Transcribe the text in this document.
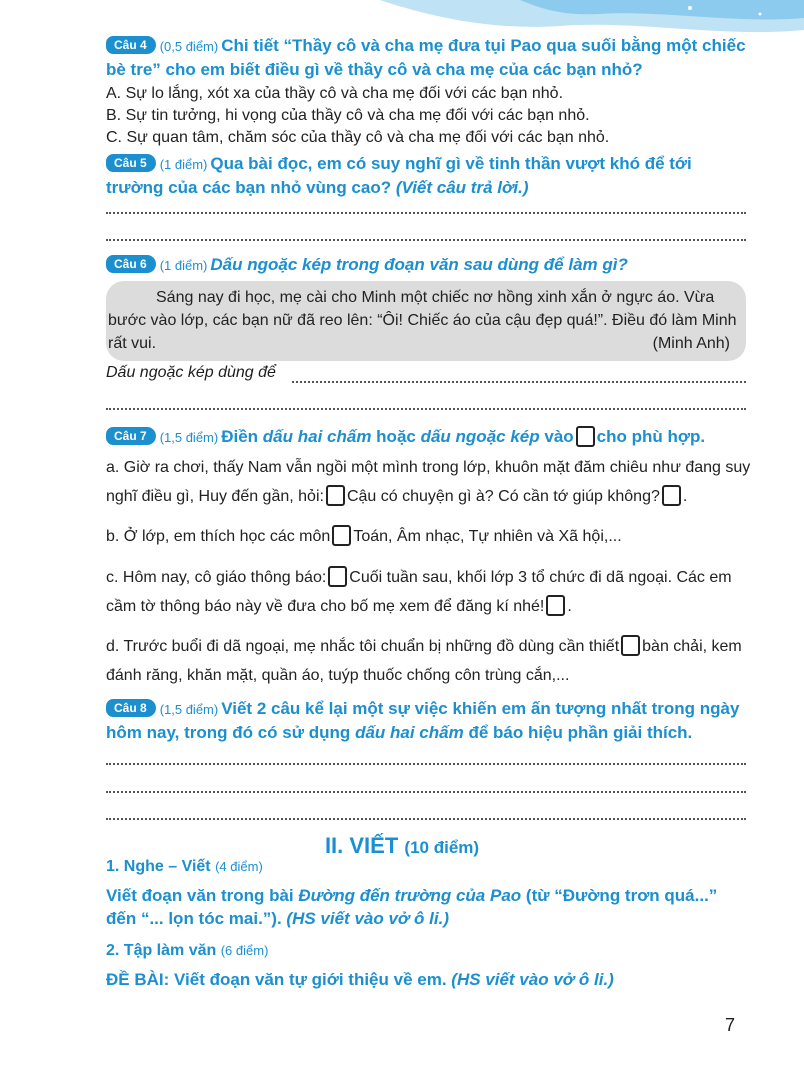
Câu 4 (0,5 điểm) Chi tiết “Thầy cô và cha mẹ đưa tụi Pao qua suối bằng một chiếc bè tre” cho em biết điều gì về thầy cô và cha mẹ của các bạn nhỏ?
A. Sự lo lắng, xót xa của thầy cô và cha mẹ đối với các bạn nhỏ.
B. Sự tin tưởng, hi vọng của thầy cô và cha mẹ đối với các bạn nhỏ.
C. Sự quan tâm, chăm sóc của thầy cô và cha mẹ đối với các bạn nhỏ.
Câu 5 (1 điểm) Qua bài đọc, em có suy nghĩ gì về tinh thần vượt khó để tới trường của các bạn nhỏ vùng cao? (Viết câu trả lời.)
Câu 6 (1 điểm) Dấu ngoặc kép trong đoạn văn sau dùng để làm gì?
Sáng nay đi học, mẹ cài cho Minh một chiếc nơ hồng xinh xắn ở ngực áo. Vừa bước vào lớp, các bạn nữ đã reo lên: “Ôi! Chiếc áo của cậu đẹp quá!”. Điều đó làm Minh rất vui.	(Minh Anh)
Dấu ngoặc kép dùng để
Câu 7 (1,5 điểm) Điền dấu hai chấm hoặc dấu ngoặc kép vào cho phù hợp.
a. Giờ ra chơi, thấy Nam vẫn ngồi một mình trong lớp, khuôn mặt đăm chiêu như đang suy nghĩ điều gì, Huy đến gần, hỏi: Cậu có chuyện gì à? Có cần tớ giúp không? .
b. Ở lớp, em thích học các môn Toán, Âm nhạc, Tự nhiên và Xã hội,...
c. Hôm nay, cô giáo thông báo: Cuối tuần sau, khối lớp 3 tổ chức đi dã ngoại. Các em cầm tờ thông báo này về đưa cho bố mẹ xem để đăng kí nhé! .
d. Trước buổi đi dã ngoại, mẹ nhắc tôi chuẩn bị những đồ dùng cần thiết bàn chải, kem đánh răng, khăn mặt, quần áo, tuýp thuốc chống côn trùng cắn,...
Câu 8 (1,5 điểm) Viết 2 câu kể lại một sự việc khiến em ấn tượng nhất trong ngày hôm nay, trong đó có sử dụng dấu hai chấm để báo hiệu phần giải thích.
II. VIẾT (10 điểm)
1. Nghe – Viết (4 điểm)
Viết đoạn văn trong bài Đường đến trường của Pao (từ “Đường trơn quá...” đến “... lọn tóc mai.”). (HS viết vào vở ô li.)
2. Tập làm văn (6 điểm)
ĐỀ BÀI: Viết đoạn văn tự giới thiệu về em. (HS viết vào vở ô li.)
7
